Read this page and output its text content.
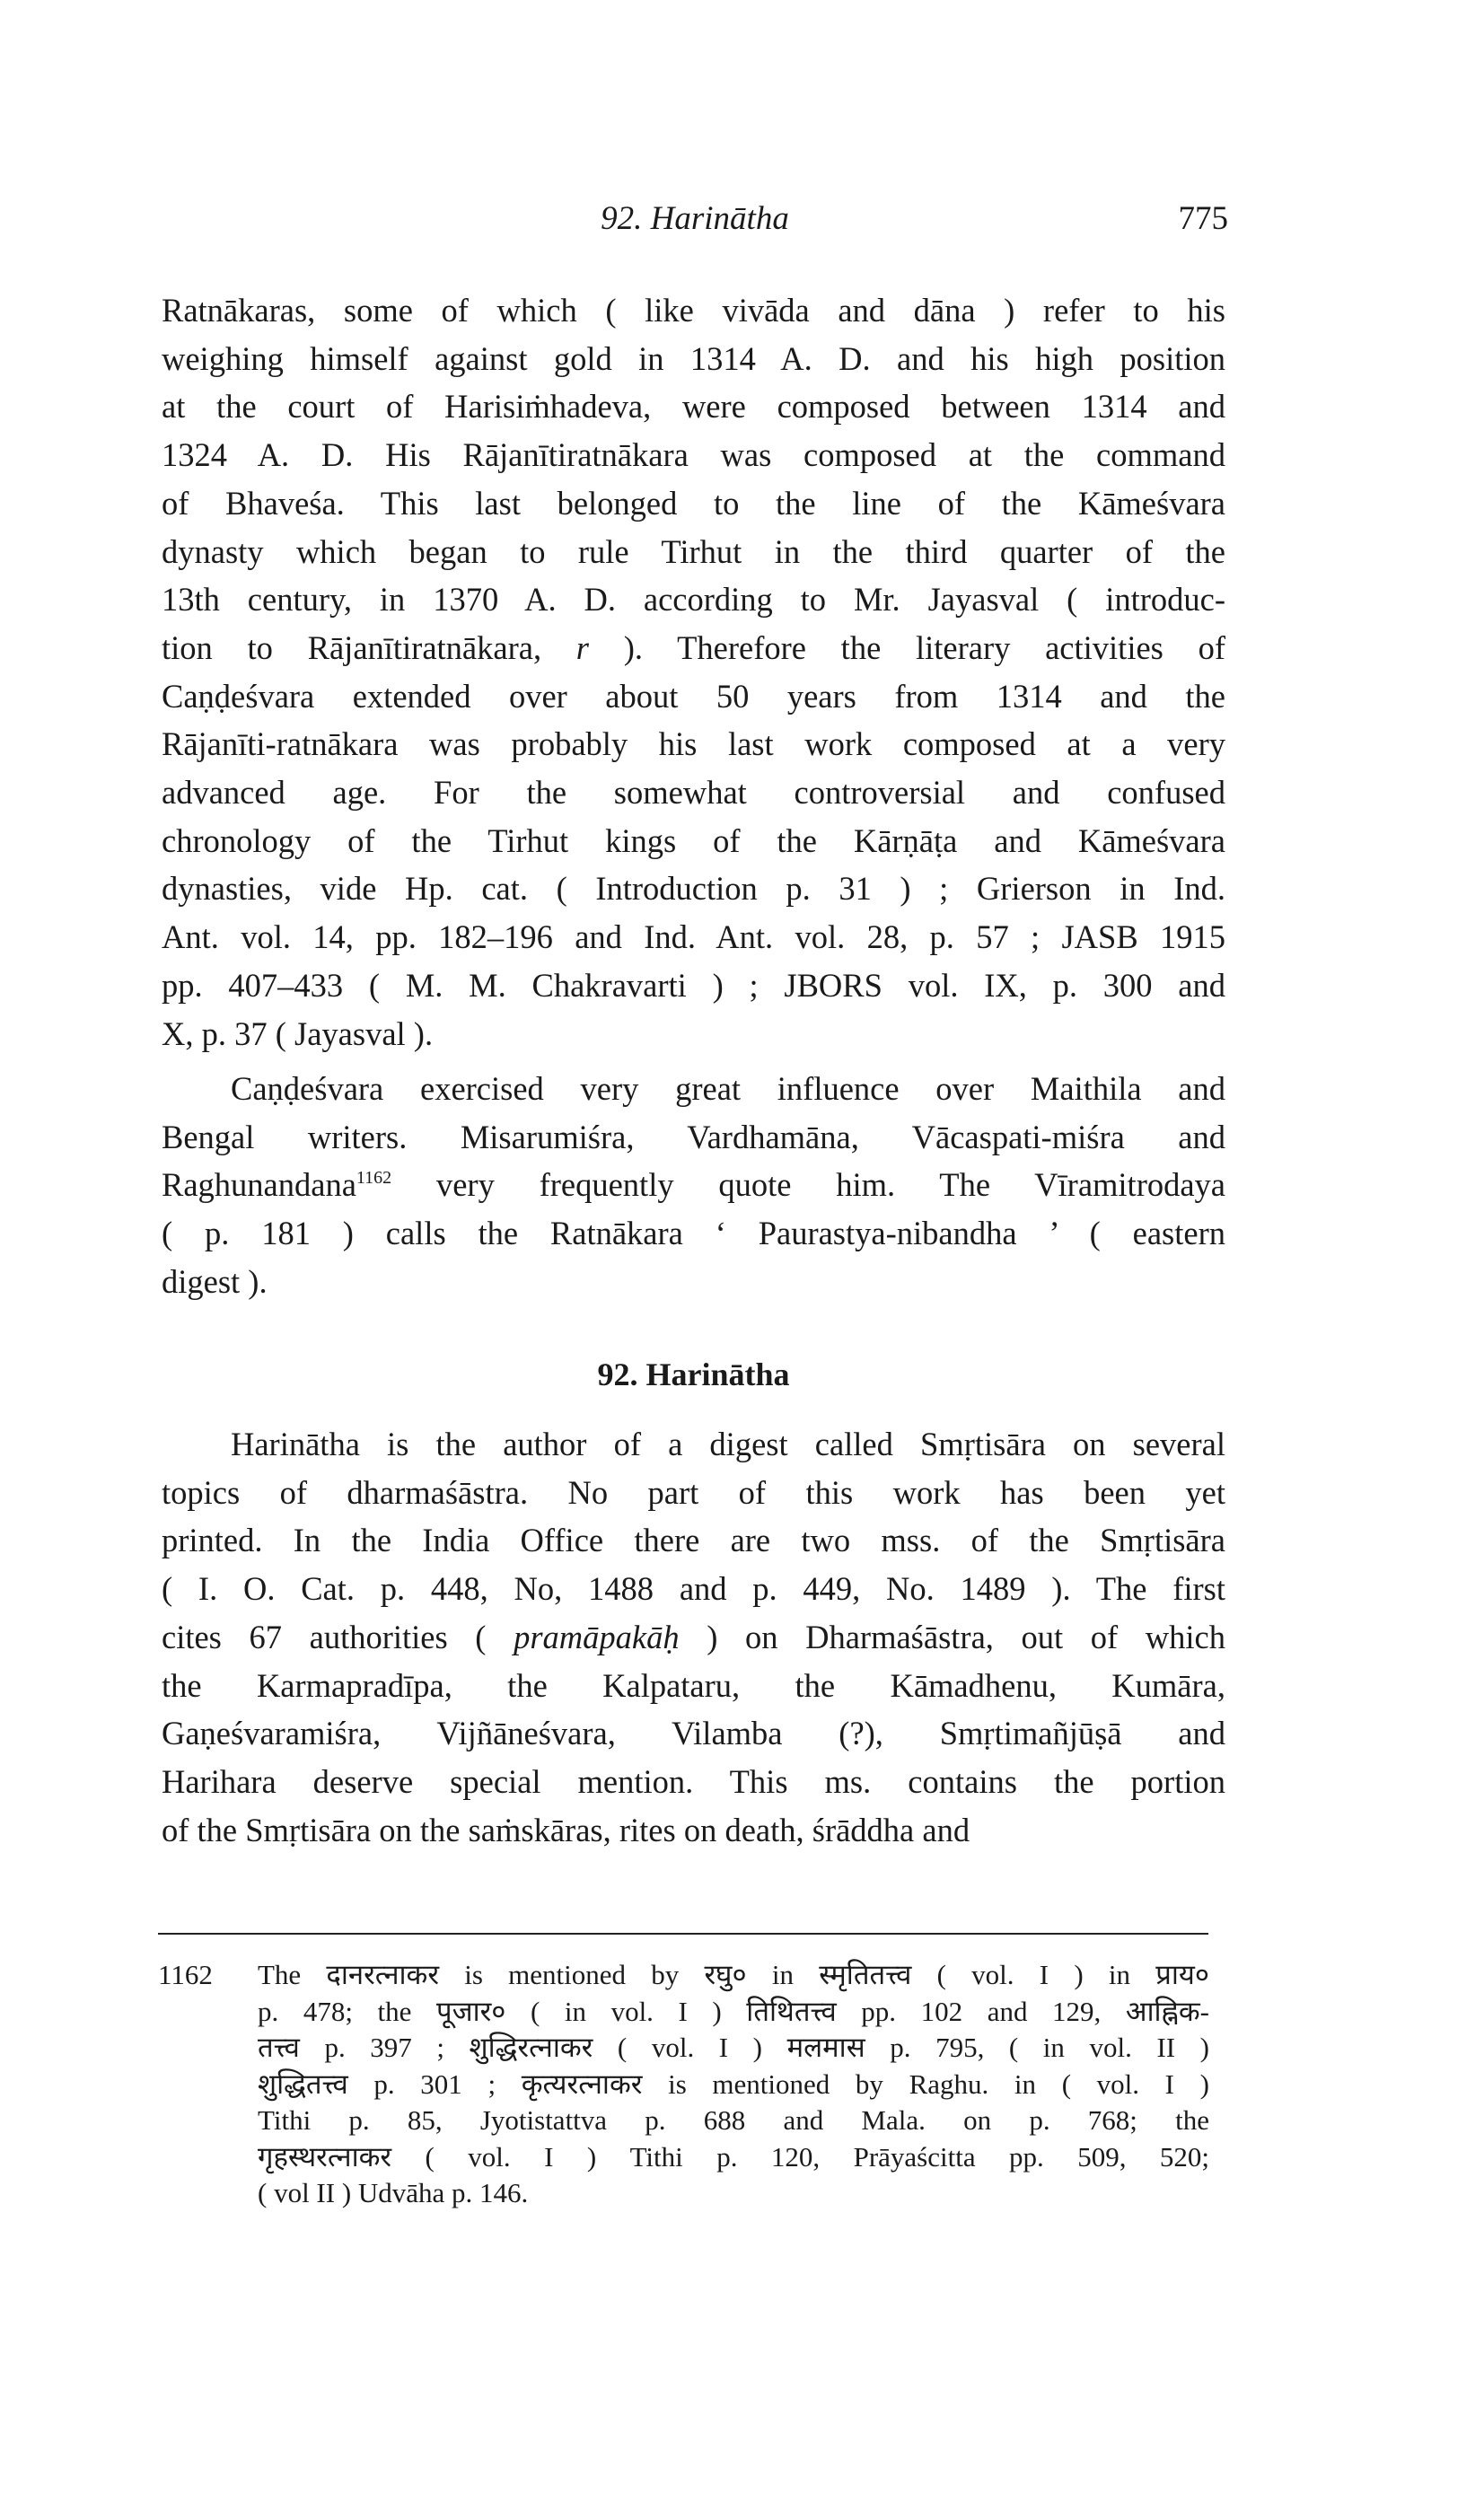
92. Harinātha	775
Ratnākaras, some of which ( like vivāda and dāna ) refer to his
weighing himself against gold in 1314 A. D. and his high position
at the court of Harisiṁhadeva, were composed between 1314 and
1324 A. D. His Rājanītiratnākara was composed at the command
of Bhaveśa. This last belonged to the line of the Kāmeśvara
dynasty which began to rule Tirhut in the third quarter of the
13th century, in 1370 A. D. according to Mr. Jayasval ( introduc-
tion to Rājanītiratnākara, r ). Therefore the literary activities of
Caṇḍeśvara extended over about 50 years from 1314 and the
Rājanīti-ratnākara was probably his last work composed at a very
advanced age. For the somewhat controversial and confused
chronology of the Tirhut kings of the Kārṇāṭa and Kāmeśvara
dynasties, vide Hp. cat. ( Introduction p. 31 ) ; Grierson in Ind.
Ant. vol. 14, pp. 182–196 and Ind. Ant. vol. 28, p. 57 ; JASB 1915
pp. 407–433 ( M. M. Chakravarti ) ; JBORS vol. IX, p. 300 and
X, p. 37 ( Jayasval ).
Caṇḍeśvara exercised very great influence over Maithila and
Bengal writers. Misarumiśra, Vardhamāna, Vācaspati-miśra and
Raghunandana$^{1162}$ very frequently quote him. The Vīramitrodaya
( p. 181 ) calls the Ratnākara ‘ Paurastya-nibandha ’ ( eastern
digest ).
92. Harinātha
Harinātha is the author of a digest called Smṛtisāra on several
topics of dharmaśāstra. No part of this work has been yet
printed. In the India Office there are two mss. of the Smṛtisāra
( I. O. Cat. p. 448, No, 1488 and p. 449, No. 1489 ). The first
cites 67 authorities ( pramāpakāḥ ) on Dharmaśāstra, out of which
the Karmapradīpa, the Kalpataru, the Kāmadhenu, Kumāra,
Gaṇeśvaramiśra, Vijñāneśvara, Vilamba (?), Smṛtimañjūṣā and
Harihara deserve special mention. This ms. contains the portion
of the Smṛtisāra on the saṁskāras, rites on death, śrāddha and
1162 The दानरत्नाकर is mentioned by रघु० in स्मृतितत्त्व ( vol. I ) in प्राय०
p. 478; the पूजार० ( in vol. I ) तिथितत्त्व pp. 102 and 129, आह्निक-
तत्त्व p. 397 ; शुद्धिरत्नाकर ( vol. I ) मलमास p. 795, ( in vol. II )
शुद्धितत्त्व p. 301 ; कृत्यरत्नाकर is mentioned by Raghu. in ( vol. I )
Tithi p. 85, Jyotistattva p. 688 and Mala. on p. 768; the
गृहस्थरत्नाकर ( vol. I ) Tithi p. 120, Prāyaścitta pp. 509, 520;
( vol II ) Udvāha p. 146.
